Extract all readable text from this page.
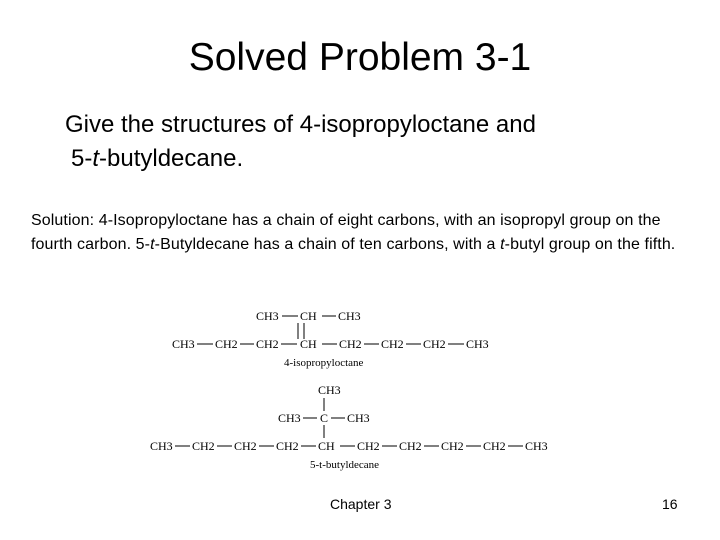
Solved Problem 3-1
Give the structures of 4-isopropyloctane and
5-t-butyldecane.
Solution: 4-Isopropyloctane has a chain of eight carbons, with an isopropyl group on the fourth carbon. 5-t-Butyldecane has a chain of ten carbons, with a t-butyl group on the fifth.
CH3 CH CH3
CH3 CH2 CH2 CH CH2 CH2 CH2 CH3
4-isopropyloctane
CH3
CH3 C CH3
CH3 CH2 CH2 CH2 CH CH2 CH2 CH2 CH2 CH3
5-t-butyldecane
Chapter 3	16
